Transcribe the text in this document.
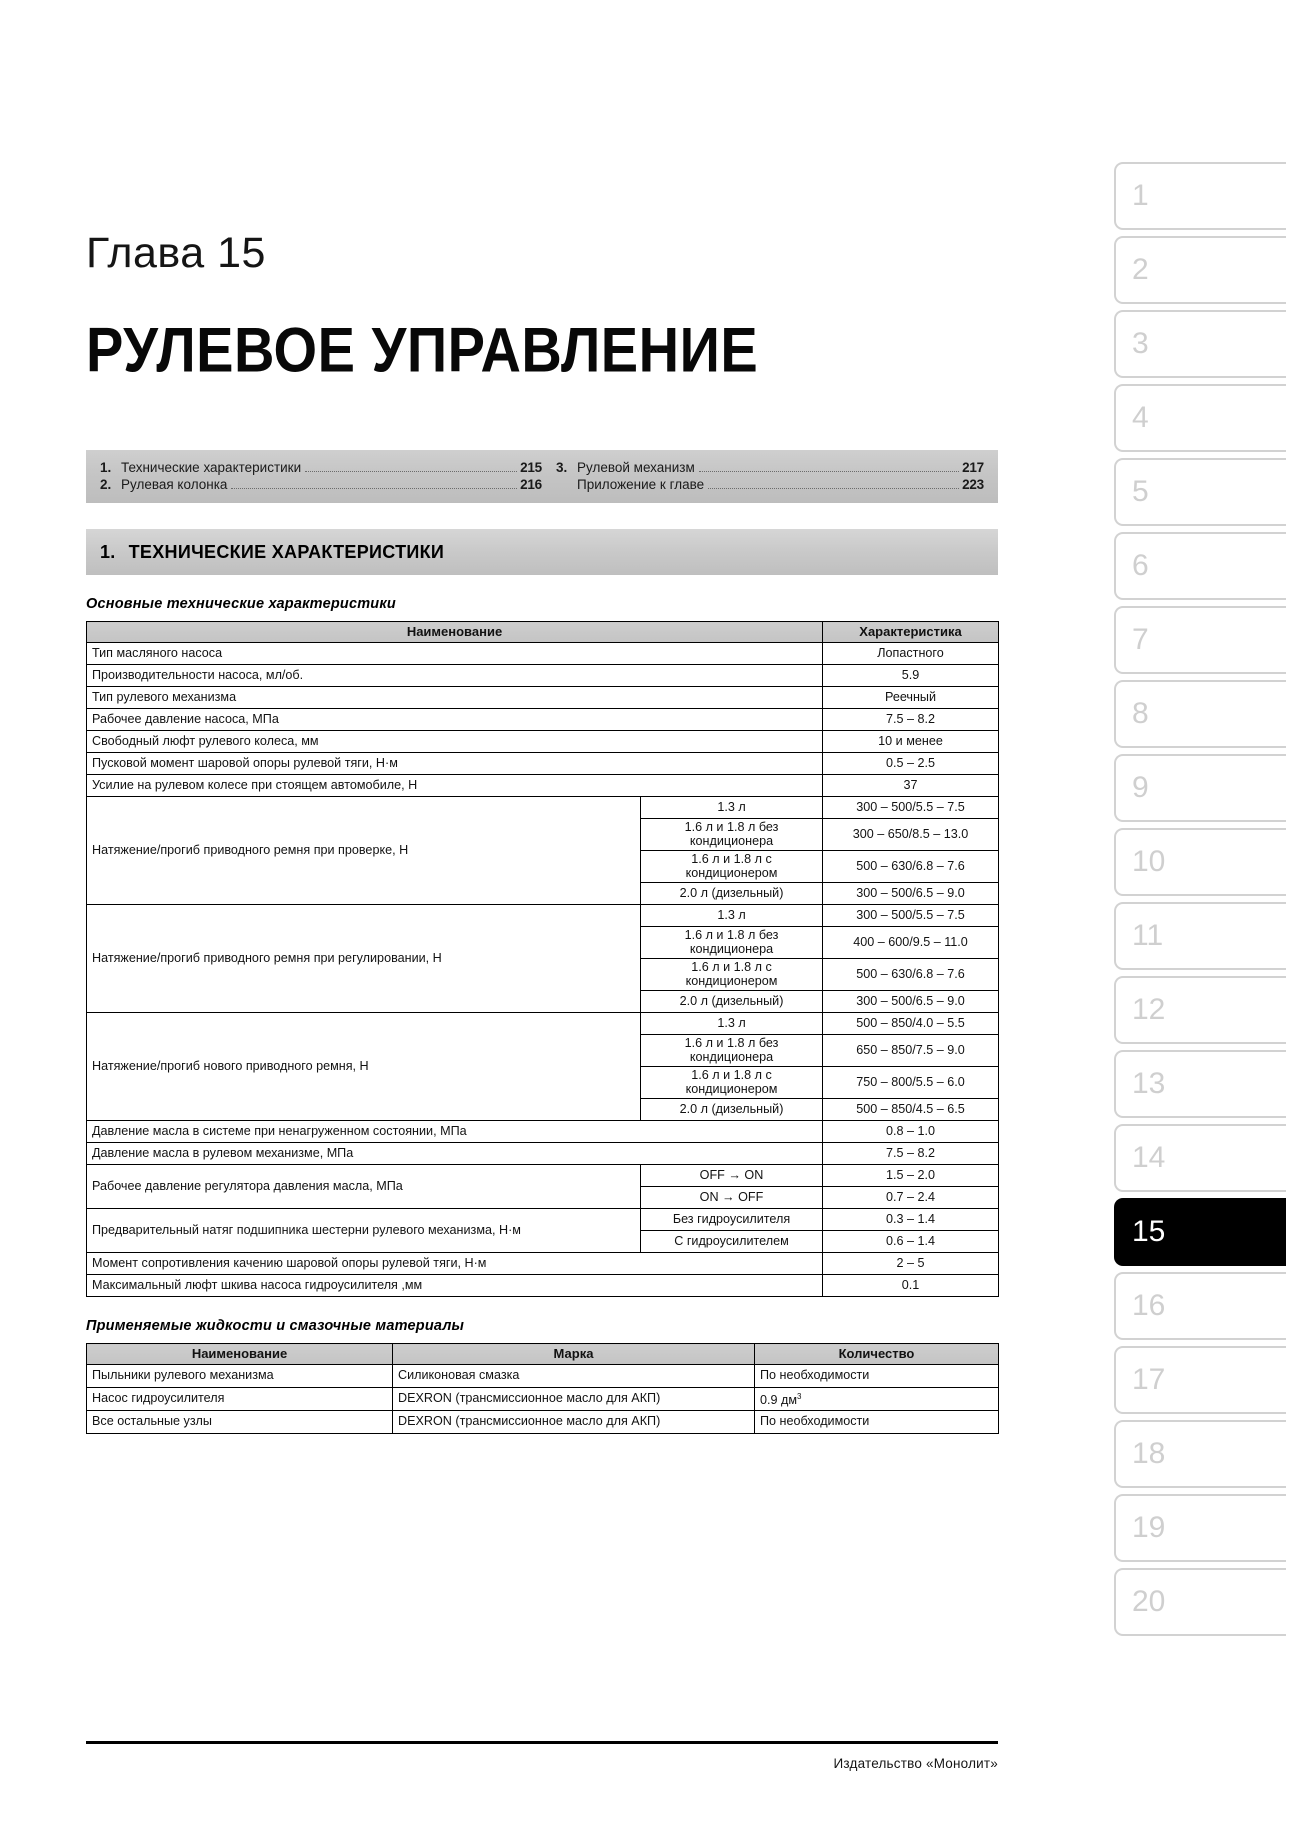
Глава 15
РУЛЕВОЕ УПРАВЛЕНИЕ
1. Технические характеристики	215
2. Рулевая колонка	216
3. Рулевой механизм	217
Приложение к главе	223
1. ТЕХНИЧЕСКИЕ ХАРАКТЕРИСТИКИ
Основные технические характеристики
Наименование		Характеристика
Тип масляного насоса		Лопастного
Производительности насоса, мл/об.		5.9
Тип рулевого механизма		Реечный
Рабочее давление насоса, МПа		7.5 – 8.2
Свободный люфт рулевого колеса, мм		10 и менее
Пусковой момент шаровой опоры рулевой тяги, Н·м		0.5 – 2.5
Усилие на рулевом колесе при стоящем автомобиле, Н		37
Натяжение/прогиб приводного ремня при проверке, Н	1.3 л	300 – 500/5.5 – 7.5
	1.6 л и 1.8 л без кондиционера	300 – 650/8.5 – 13.0
	1.6 л и 1.8 л с кондиционером	500 – 630/6.8 – 7.6
	2.0 л (дизельный)	300 – 500/6.5 – 9.0
Натяжение/прогиб приводного ремня при регулировании, Н	1.3 л	300 – 500/5.5 – 7.5
	1.6 л и 1.8 л без кондиционера	400 – 600/9.5 – 11.0
	1.6 л и 1.8 л с кондиционером	500 – 630/6.8 – 7.6
	2.0 л (дизельный)	300 – 500/6.5 – 9.0
Натяжение/прогиб нового приводного ремня, Н	1.3 л	500 – 850/4.0 – 5.5
	1.6 л и 1.8 л без кондиционера	650 – 850/7.5 – 9.0
	1.6 л и 1.8 л с кондиционером	750 – 800/5.5 – 6.0
	2.0 л (дизельный)	500 – 850/4.5 – 6.5
Давление масла в системе при ненагруженном состоянии, МПа		0.8 – 1.0
Давление масла в рулевом механизме, МПа		7.5 – 8.2
Рабочее давление регулятора давления масла, МПа	OFF → ON	1.5 – 2.0
	ON → OFF	0.7 – 2.4
Предварительный натяг подшипника шестерни рулевого механизма, Н·м	Без гидроусилителя	0.3 – 1.4
	С гидроусилителем	0.6 – 1.4
Момент сопротивления качению шаровой опоры рулевой тяги, Н·м		2 – 5
Максимальный люфт шкива насоса гидроусилителя ,мм		0.1
Применяемые жидкости и смазочные материалы
Наименование	Марка	Количество
Пыльники рулевого механизма	Силиконовая смазка	По необходимости
Насос гидроусилителя	DEXRON (трансмиссионное масло для АКП)	0.9 $дм^3$
Все остальные узлы	DEXRON (трансмиссионное масло для АКП)	По необходимости
Издательство «Монолит»
1
2
3
4
5
6
7
8
9
10
11
12
13
14
15
16
17
18
19
20
